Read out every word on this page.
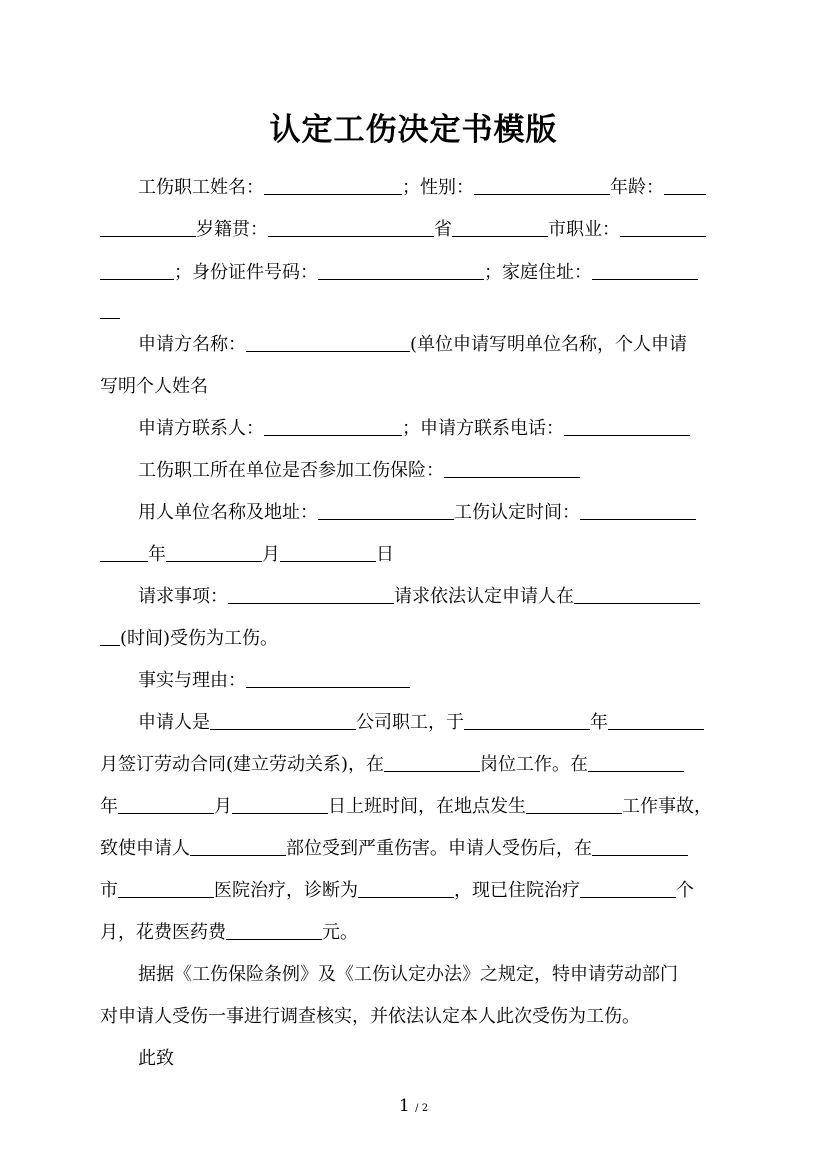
认定工伤决定书模版
工伤职工姓名：	；性别：	年龄：
岁籍贯：	省	市职业：
；身份证件号码：	；家庭住址：
申请方名称：	(单位申请写明单位名称，个人申请
写明个人姓名
申请方联系人：	；申请方联系电话：
工伤职工所在单位是否参加工伤保险：
用人单位名称及地址：	工伤认定时间：
年	月	日
请求事项：	请求依法认定申请人在
(时间)受伤为工伤。
事实与理由：
申请人是	公司职工，于	年
月签订劳动合同(建立劳动关系)，在	岗位工作。在
年	月	日上班时间，在地点发生	工作事故，
致使申请人	部位受到严重伤害。申请人受伤后，在
市	医院治疗，诊断为	，现已住院治疗	个
月，花费医药费	元。
据据《工伤保险条例》及《工伤认定办法》之规定，特申请劳动部门
对申请人受伤一事进行调查核实，并依法认定本人此次受伤为工伤。
此致
1 / 2
